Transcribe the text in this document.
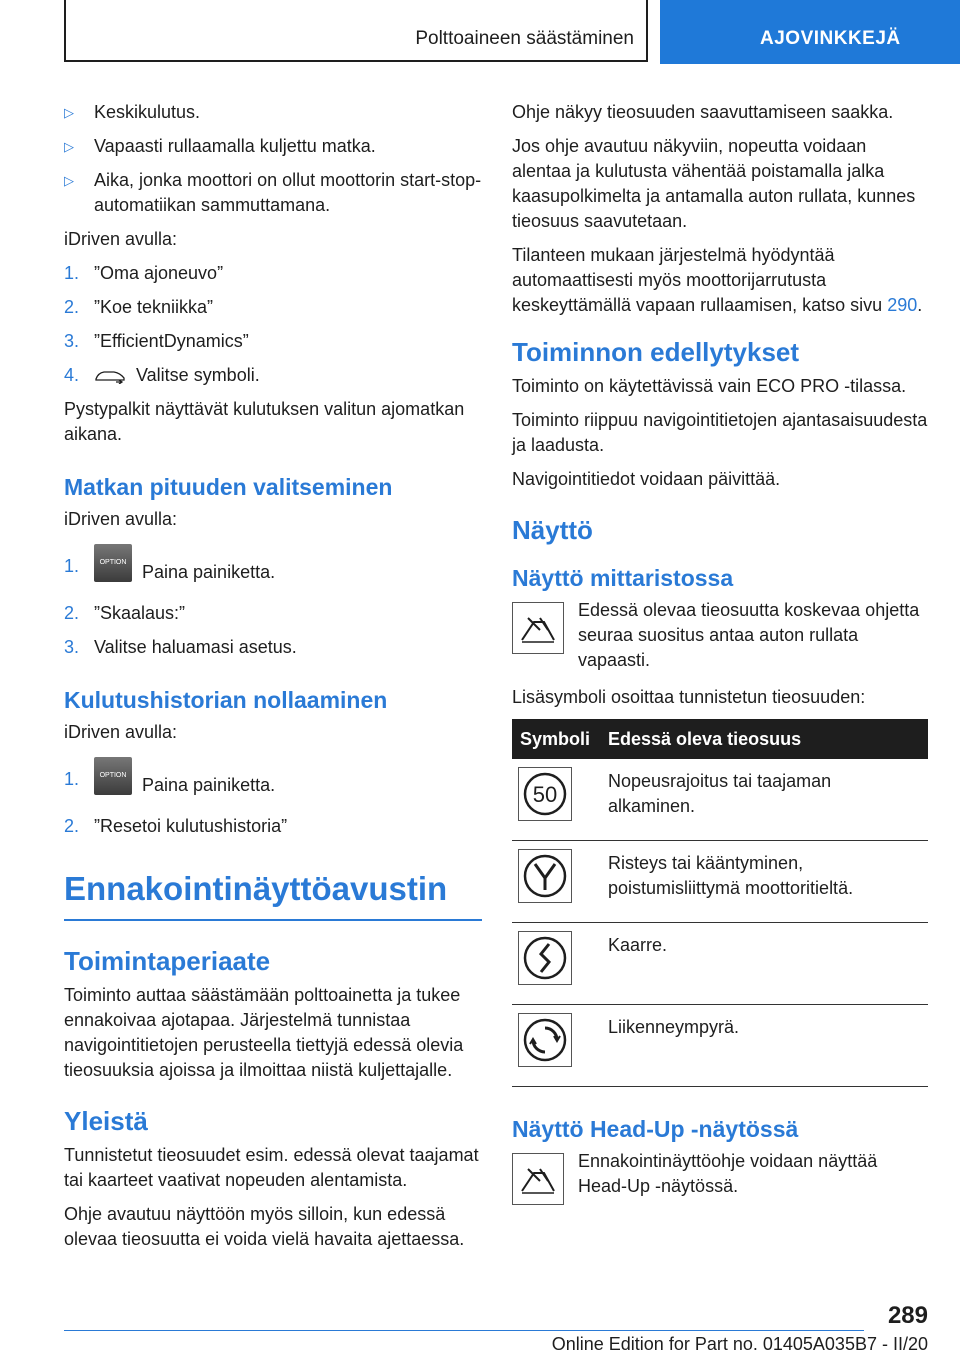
Polttoaineen säästäminen	AJOVINKKEJÄ
▷ Keskikulutus.
▷ Vapaasti rullaamalla kuljettu matka.
▷ Aika, jonka moottori on ollut moottorin start-stop-automatiikan sammuttamana.

iDriven avulla:

1. ”Oma ajoneuvo”
2. ”Koe tekniikka”
3. ”EfficientDynamics”
4.	Valitse symboli.

Pystypalkit näyttävät kulutuksen valitun ajomatkan aikana.

Matkan pituuden valitseminen

iDriven avulla:

1.	OPTION Paina painiketta.
2. ”Skaalaus:”
3. Valitse haluamasi asetus.
Kulutushistorian nollaaminen

iDriven avulla:

1.	OPTION Paina painiketta.
2. ”Resetoi kulutushistoria”
Ennakointinäyttöavustin
Toimintaperiaate

Toiminto auttaa säästämään polttoainetta ja tukee ennakoivaa ajotapaa. Järjestelmä tunnistaa navigointitietojen perusteella tiettyjä edessä olevia tieosuuksia ajoissa ja ilmoittaa niistä kuljettajalle.

Yleistä

Tunnistetut tieosuudet esim. edessä olevat taajamat tai kaarteet vaativat nopeuden alentamista.

Ohje avautuu näyttöön myös silloin, kun edessä olevaa tieosuutta ei voida vielä havaita ajettaessa.

Ohje näkyy tieosuuden saavuttamiseen saakka.

Jos ohje avautuu näkyviin, nopeutta voidaan alentaa ja kulutusta vähentää poistamalla jalka kaasupolkimelta ja antamalla auton rullata, kunnes tieosuus saavutetaan.

Tilanteen mukaan järjestelmä hyödyntää automaattisesti myös moottorijarrutusta keskeyttämällä vapaan rullaamisen, katso sivu 290.

Toiminnon edellytykset

Toiminto on käytettävissä vain ECO PRO -tilassa.

Toiminto riippuu navigointitietojen ajantasaisuudesta ja laadusta.

Navigointitiedot voidaan päivittää.

Näyttö
Näyttö mittaristossa

Edessä olevaa tieosuutta koskevaa ohjetta seuraa suositus antaa auton rullata vapaasti.

Lisäsymboli osoittaa tunnistetun tieosuuden:

Symboli	Edessä oleva tieosuus

50	Nopeusrajoitus tai taajaman alkaminen.

	Risteys tai kääntyminen, poistumisliittymä moottoritieltä.

	Kaarre.

	Liikenneympyrä.
Näyttö Head-Up -näytössä

Ennakointinäyttöohje voidaan näyttää Head-Up -näytössä.

289
Online Edition for Part no. 01405A035B7 - II/20
